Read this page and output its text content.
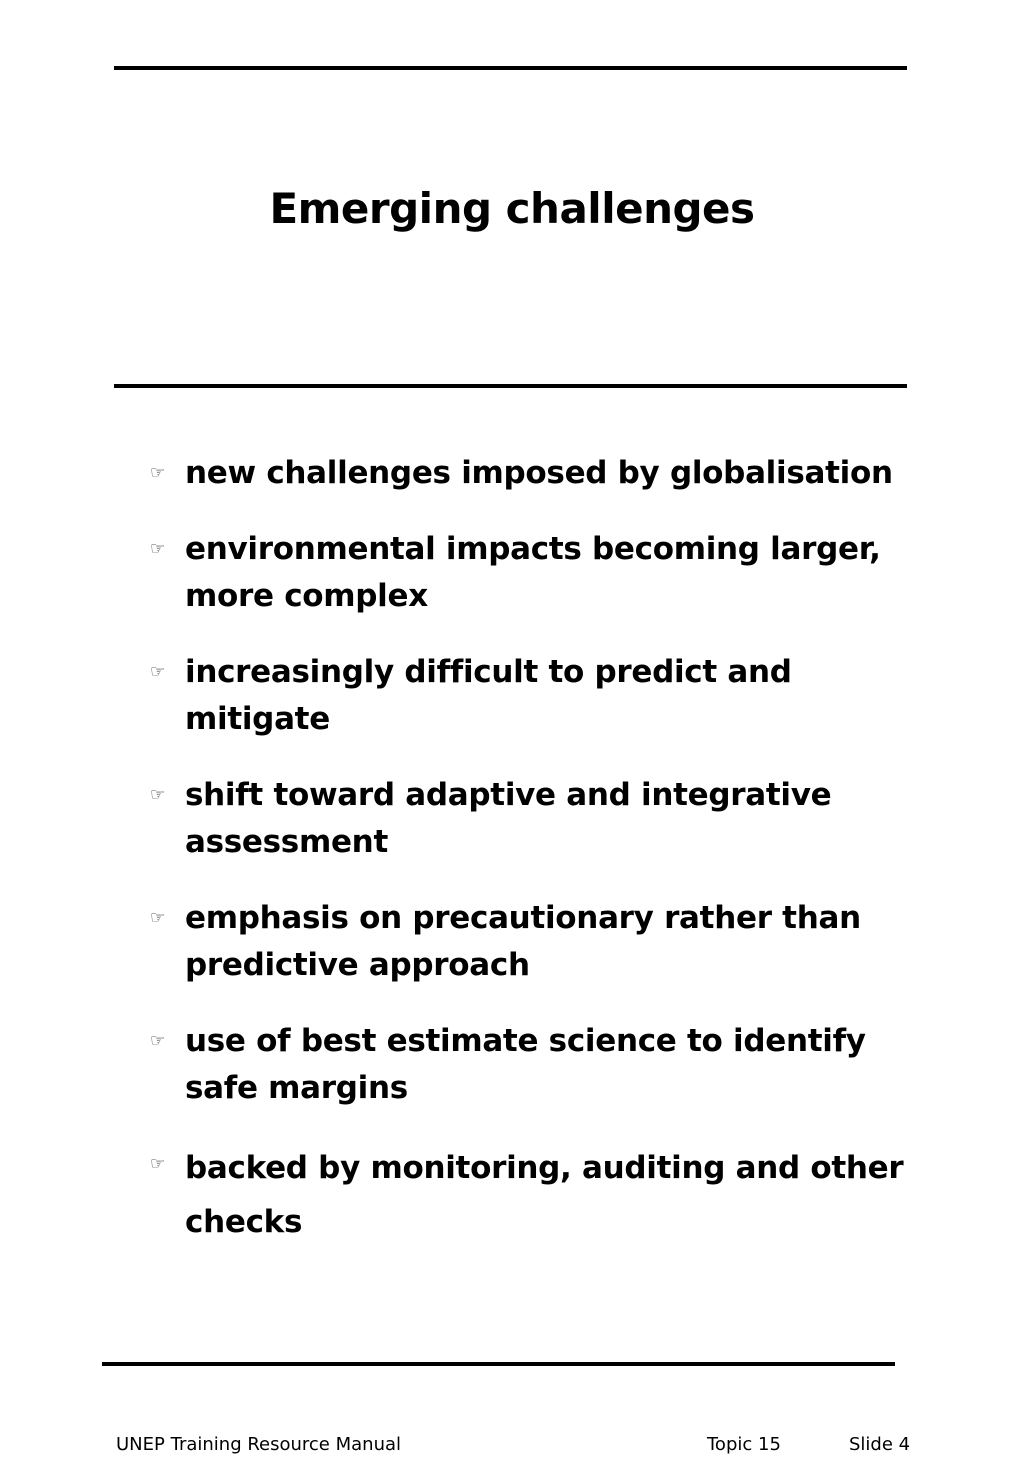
Emerging challenges
☞ new challenges imposed by globalisation
☞ environmental impacts becoming larger, more complex
☞ increasingly difficult to predict and mitigate
☞ shift toward adaptive and integrative assessment
☞ emphasis on precautionary rather than predictive approach
☞ use of best estimate science to identify safe margins
☞ backed by monitoring, auditing and other checks
UNEP Training Resource Manual	Topic 15	Slide 4
